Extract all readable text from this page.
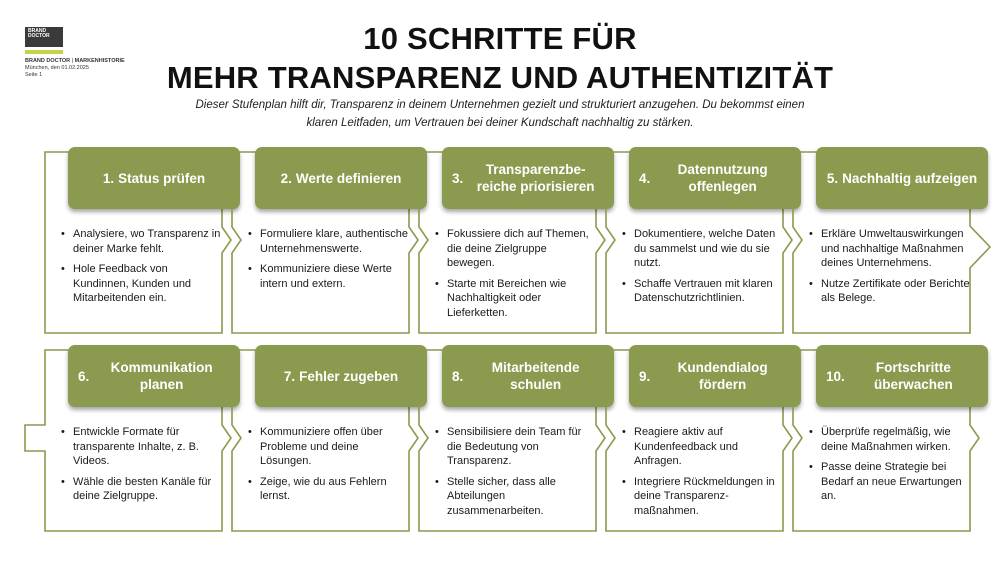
BRAND DOCTOR
BRAND DOCTOR | MARKENHISTORIE
München, den 01.02.2025
Seite 1
10 SCHRITTE FÜR
MEHR TRANSPARENZ UND AUTHENTIZITÄT
Dieser Stufenplan hilft dir, Transparenz in deinem Unternehmen gezielt und strukturiert anzugehen. Du bekommst einen klaren Leitfaden, um Vertrauen bei deiner Kundschaft nachhaltig zu stärken.
1. Status prüfen
• Analysiere, wo Transparenz in deiner Marke fehlt.
• Hole Feedback von Kundinnen, Kunden und Mitarbeitenden ein.
2. Werte definieren
• Formuliere klare, authentische Unternehmenswerte.
• Kommuniziere diese Werte intern und extern.
3.
Transparenzbe-reiche priorisieren
• Fokussiere dich auf Themen, die deine Zielgruppe bewegen.
• Starte mit Bereichen wie Nachhaltigkeit oder Lieferketten.
4.
Datennutzung offenlegen
• Dokumentiere, welche Daten du sammelst und wie du sie nutzt.
• Schaffe Vertrauen mit klaren Datenschutzrichtlinien.
5. Nachhaltig aufzeigen
• Erkläre Umweltauswirkungen und nachhaltige Maßnahmen deines Unternehmens.
• Nutze Zertifikate oder Berichte als Belege.
6.
Kommunikation planen
• Entwickle Formate für transparente Inhalte, z. B. Videos.
• Wähle die besten Kanäle für deine Zielgruppe.
7. Fehler zugeben
• Kommuniziere offen über Probleme und deine Lösungen.
• Zeige, wie du aus Fehlern lernst.
8.
Mitarbeitende schulen
• Sensibilisiere dein Team für die Bedeutung von Transparenz.
• Stelle sicher, dass alle Abteilungen zusammenarbeiten.
9.
Kundendialog fördern
• Reagiere aktiv auf Kundenfeedback und Anfragen.
• Integriere Rückmeldungen in deine Transparenz-maßnahmen.
10.
Fortschritte überwachen
• Überprüfe regelmäßig, wie deine Maßnahmen wirken.
• Passe deine Strategie bei Bedarf an neue Erwartungen an.
